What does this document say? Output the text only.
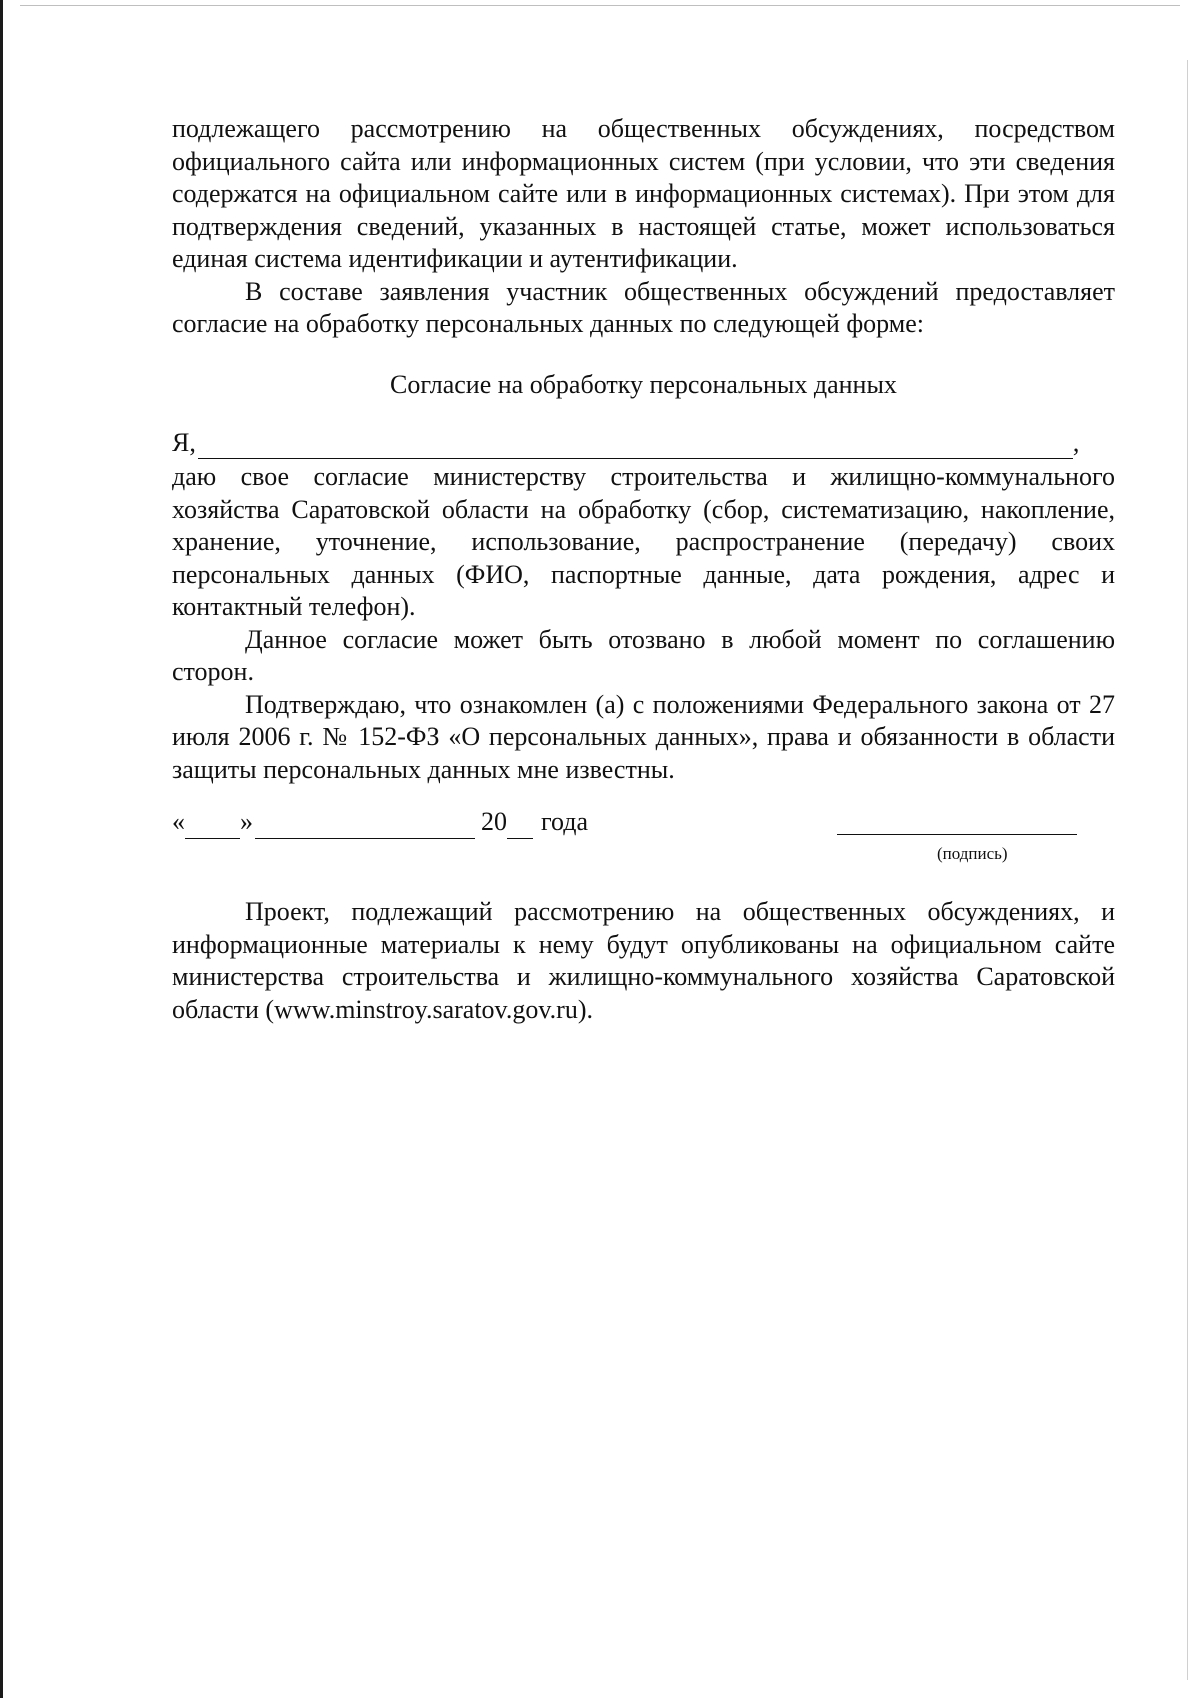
подлежащего рассмотрению на общественных обсуждениях, посредством официального сайта или информационных систем (при условии, что эти сведения содержатся на официальном сайте или в информационных системах). При этом для подтверждения сведений, указанных в настоящей статье, может использоваться единая система идентификации и аутентификации.

В составе заявления участник общественных обсуждений предоставляет согласие на обработку персональных данных по следующей форме:

Согласие на обработку персональных данных

Я,	,

даю свое согласие министерству строительства и жилищно-коммунального хозяйства Саратовской области на обработку (сбор, систематизацию, накопление, хранение, уточнение, использование, распространение (передачу) своих персональных данных (ФИО, паспортные данные, дата рождения, адрес и контактный телефон).

Данное согласие может быть отозвано в любой момент по соглашению сторон.

Подтверждаю, что ознакомлен (а) с положениями Федерального закона от 27 июля 2006 г. № 152-ФЗ «О персональных данных», права и обязанности в области защиты персональных данных мне известны.

« »	20 года
(подпись)

Проект, подлежащий рассмотрению на общественных обсуждениях, и информационные материалы к нему будут опубликованы на официальном сайте министерства строительства и жилищно-коммунального хозяйства Саратовской области (www.minstroy.saratov.gov.ru).
